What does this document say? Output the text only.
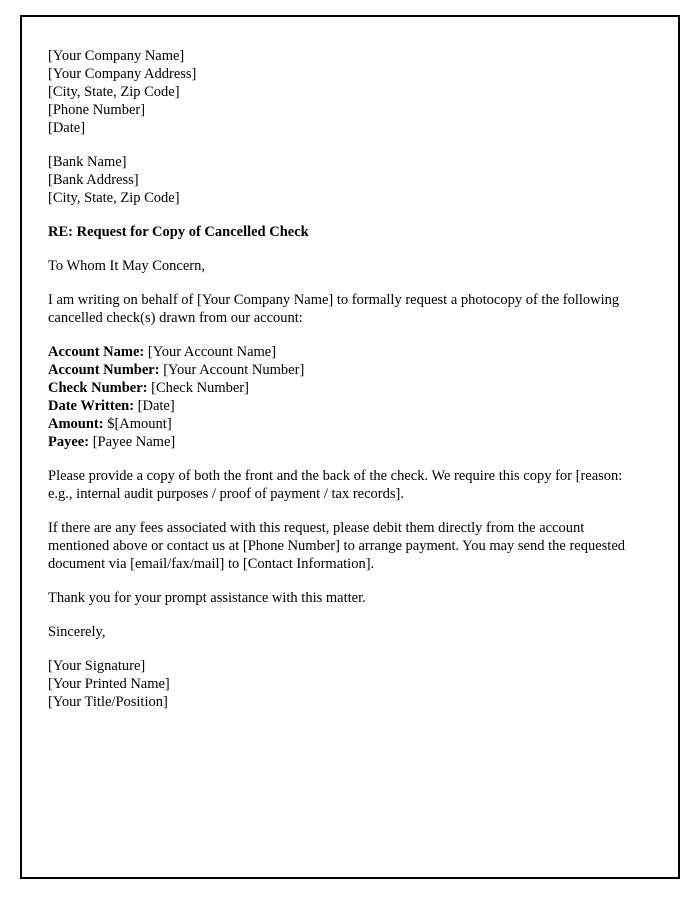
[Your Company Name]

[Your Company Address]

[City, State, Zip Code]

[Phone Number]

[Date]

[Bank Name]

[Bank Address]

[City, State, Zip Code]

RE: Request for Copy of Cancelled Check

To Whom It May Concern,

I am writing on behalf of [Your Company Name] to formally request a photocopy of the following cancelled check(s) drawn from our account:

Account Name: [Your Account Name]

Account Number: [Your Account Number]

Check Number: [Check Number]

Date Written: [Date]

Amount: $[Amount]

Payee: [Payee Name]

Please provide a copy of both the front and the back of the check. We require this copy for [reason: e.g., internal audit purposes / proof of payment / tax records].

If there are any fees associated with this request, please debit them directly from the account mentioned above or contact us at [Phone Number] to arrange payment. You may send the requested document via [email/fax/mail] to [Contact Information].

Thank you for your prompt assistance with this matter.

Sincerely,

[Your Signature]

[Your Printed Name]

[Your Title/Position]
